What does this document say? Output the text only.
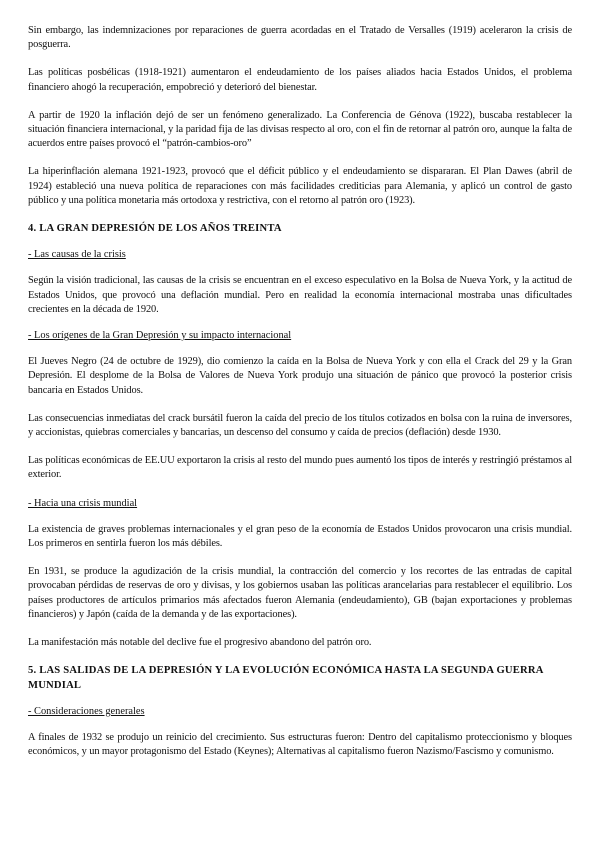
Sin embargo, las indemnizaciones por reparaciones de guerra acordadas en el Tratado de Versalles (1919) aceleraron la crisis de posguerra.

Las políticas posbélicas (1918-1921) aumentaron el endeudamiento de los países aliados hacia Estados Unidos, el problema financiero ahogó la recuperación, empobreció y deterioró del bienestar.

A partir de 1920 la inflación dejó de ser un fenómeno generalizado. La Conferencia de Génova (1922), buscaba restablecer la situación financiera internacional, y la paridad fija de las divisas respecto al oro, con el fin de retornar al patrón oro, aunque la falta de acuerdos entre países provocó el “patrón-cambios-oro”

La hiperinflación alemana 1921-1923, provocó que el déficit público y el endeudamiento se dispararan. El Plan Dawes (abril de 1924) estableció una nueva política de reparaciones con más facilidades crediticias para Alemania, y aplicó un control de gasto público y una política monetaria más ortodoxa y restrictiva, con el retorno al patrón oro (1923).

4. LA GRAN DEPRESIÓN DE LOS AÑOS TREINTA
- Las causas de la crisis

Según la visión tradicional, las causas de la crisis se encuentran en el exceso especulativo en la Bolsa de Nueva York, y la actitud de Estados Unidos, que provocó una deflación mundial. Pero en realidad la economía internacional mostraba unas dificultades crecientes en la década de 1920.

- Los orígenes de la Gran Depresión y su impacto internacional

El Jueves Negro (24 de octubre de 1929), dio comienzo la caída en la Bolsa de Nueva York y con ella el Crack del 29 y la Gran Depresión. El desplome de la Bolsa de Valores de Nueva York produjo una situación de pánico que provocó la posterior crisis bancaria en Estados Unidos.

Las consecuencias inmediatas del crack bursátil fueron la caída del precio de los títulos cotizados en bolsa con la ruina de inversores, y accionistas, quiebras comerciales y bancarias, un descenso del consumo y caída de precios (deflación) desde 1930.

Las políticas económicas de EE.UU exportaron la crisis al resto del mundo pues aumentó los tipos de interés y restringió préstamos al exterior.

- Hacia una crisis mundial

La existencia de graves problemas internacionales y el gran peso de la economía de Estados Unidos provocaron una crisis mundial. Los primeros en sentirla fueron los más débiles.

En 1931, se produce la agudización de la crisis mundial, la contracción del comercio y los recortes de las entradas de capital provocaban pérdidas de reservas de oro y divisas, y los gobiernos usaban las políticas arancelarias para restablecer el equilibrio. Los países productores de artículos primarios más afectados fueron Alemania (endeudamiento), GB (bajan exportaciones y problemas financieros) y Japón (caída de la demanda y de las exportaciones).

La manifestación más notable del declive fue el progresivo abandono del patrón oro.

5. LAS SALIDAS DE LA DEPRESIÓN Y LA EVOLUCIÓN ECONÓMICA HASTA LA SEGUNDA GUERRA MUNDIAL
- Consideraciones generales

A finales de 1932 se produjo un reinicio del crecimiento. Sus estructuras fueron: Dentro del capitalismo proteccionismo y bloques económicos, y un mayor protagonismo del Estado (Keynes); Alternativas al capitalismo fueron Nazismo/Fascismo y comunismo.
